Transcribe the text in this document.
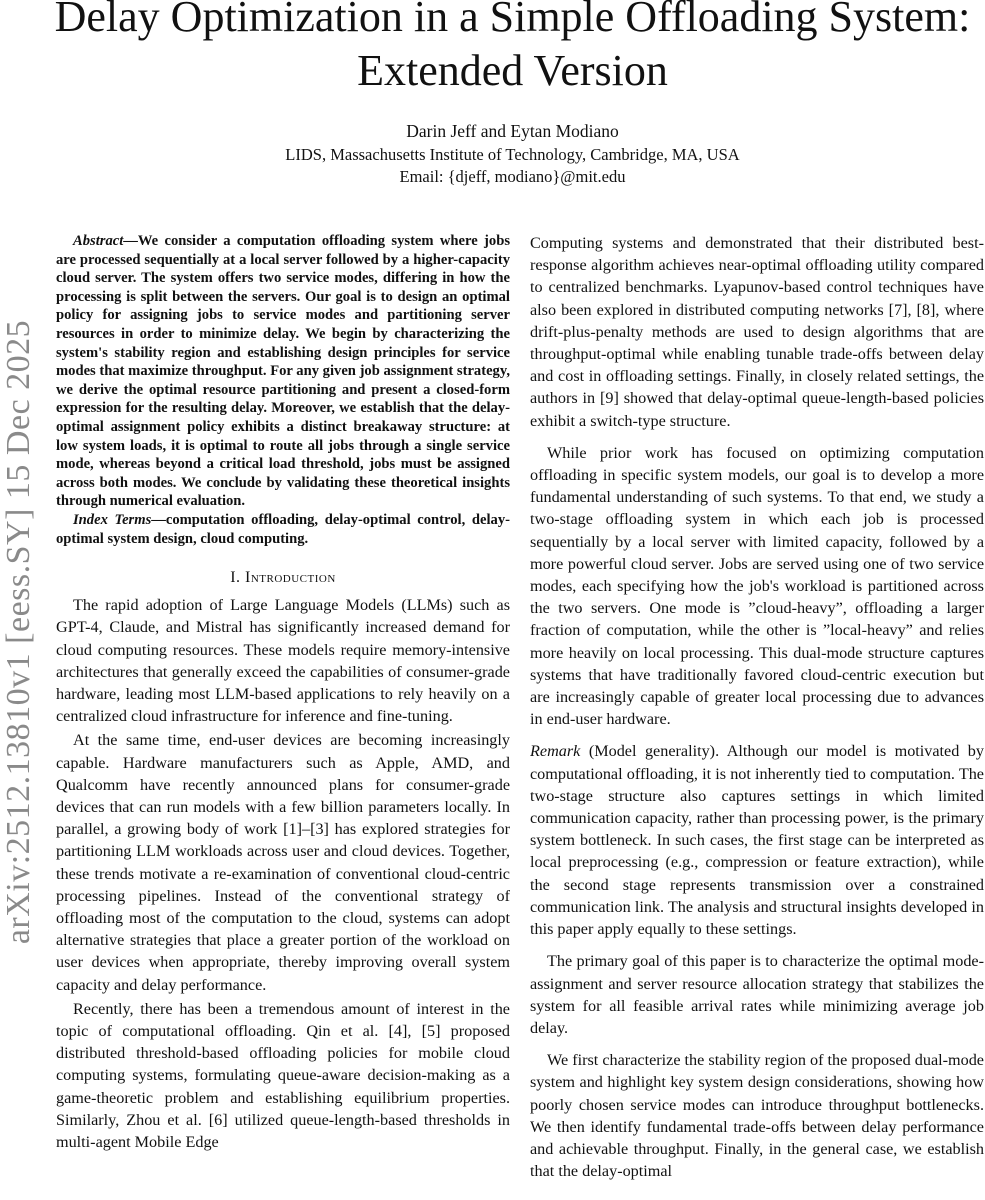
arXiv:2512.13810v1 [eess.SY] 15 Dec 2025
Delay Optimization in a Simple Offloading System: Extended Version
Darin Jeff and Eytan Modiano
LIDS, Massachusetts Institute of Technology, Cambridge, MA, USA
Email: {djeff, modiano}@mit.edu

Abstract—We consider a computation offloading system where jobs are processed sequentially at a local server followed by a higher-capacity cloud server. The system offers two service modes, differing in how the processing is split between the servers. Our goal is to design an optimal policy for assigning jobs to service modes and partitioning server resources in order to minimize delay. We begin by characterizing the system's stability region and establishing design principles for service modes that maximize throughput. For any given job assignment strategy, we derive the optimal resource partitioning and present a closed-form expression for the resulting delay. Moreover, we establish that the delay-optimal assignment policy exhibits a distinct breakaway structure: at low system loads, it is optimal to route all jobs through a single service mode, whereas beyond a critical load threshold, jobs must be assigned across both modes. We conclude by validating these theoretical insights through numerical evaluation.

Index Terms—computation offloading, delay-optimal control, delay-optimal system design, cloud computing.

I. Introduction

The rapid adoption of Large Language Models (LLMs) such as GPT-4, Claude, and Mistral has significantly increased demand for cloud computing resources. These models require memory-intensive architectures that generally exceed the capabilities of consumer-grade hardware, leading most LLM-based applications to rely heavily on a centralized cloud infrastructure for inference and fine-tuning.

At the same time, end-user devices are becoming increasingly capable. Hardware manufacturers such as Apple, AMD, and Qualcomm have recently announced plans for consumer-grade devices that can run models with a few billion parameters locally. In parallel, a growing body of work [1]–[3] has explored strategies for partitioning LLM workloads across user and cloud devices. Together, these trends motivate a re-examination of conventional cloud-centric processing pipelines. Instead of the conventional strategy of offloading most of the computation to the cloud, systems can adopt alternative strategies that place a greater portion of the workload on user devices when appropriate, thereby improving overall system capacity and delay performance.

Recently, there has been a tremendous amount of interest in the topic of computational offloading. Qin et al. [4], [5] proposed distributed threshold-based offloading policies for mobile cloud computing systems, formulating queue-aware decision-making as a game-theoretic problem and establishing equilibrium properties. Similarly, Zhou et al. [6] utilized queue-length-based thresholds in multi-agent Mobile Edge

Computing systems and demonstrated that their distributed best-response algorithm achieves near-optimal offloading utility compared to centralized benchmarks. Lyapunov-based control techniques have also been explored in distributed computing networks [7], [8], where drift-plus-penalty methods are used to design algorithms that are throughput-optimal while enabling tunable trade-offs between delay and cost in offloading settings. Finally, in closely related settings, the authors in [9] showed that delay-optimal queue-length-based policies exhibit a switch-type structure.

While prior work has focused on optimizing computation offloading in specific system models, our goal is to develop a more fundamental understanding of such systems. To that end, we study a two-stage offloading system in which each job is processed sequentially by a local server with limited capacity, followed by a more powerful cloud server. Jobs are served using one of two service modes, each specifying how the job's workload is partitioned across the two servers. One mode is ”cloud-heavy”, offloading a larger fraction of computation, while the other is ”local-heavy” and relies more heavily on local processing. This dual-mode structure captures systems that have traditionally favored cloud-centric execution but are increasingly capable of greater local processing due to advances in end-user hardware.

Remark (Model generality). Although our model is motivated by computational offloading, it is not inherently tied to computation. The two-stage structure also captures settings in which limited communication capacity, rather than processing power, is the primary system bottleneck. In such cases, the first stage can be interpreted as local preprocessing (e.g., compression or feature extraction), while the second stage represents transmission over a constrained communication link. The analysis and structural insights developed in this paper apply equally to these settings.

The primary goal of this paper is to characterize the optimal mode-assignment and server resource allocation strategy that stabilizes the system for all feasible arrival rates while minimizing average job delay.

We first characterize the stability region of the proposed dual-mode system and highlight key system design considerations, showing how poorly chosen service modes can introduce throughput bottlenecks. We then identify fundamental trade-offs between delay performance and achievable throughput. Finally, in the general case, we establish that the delay-optimal
